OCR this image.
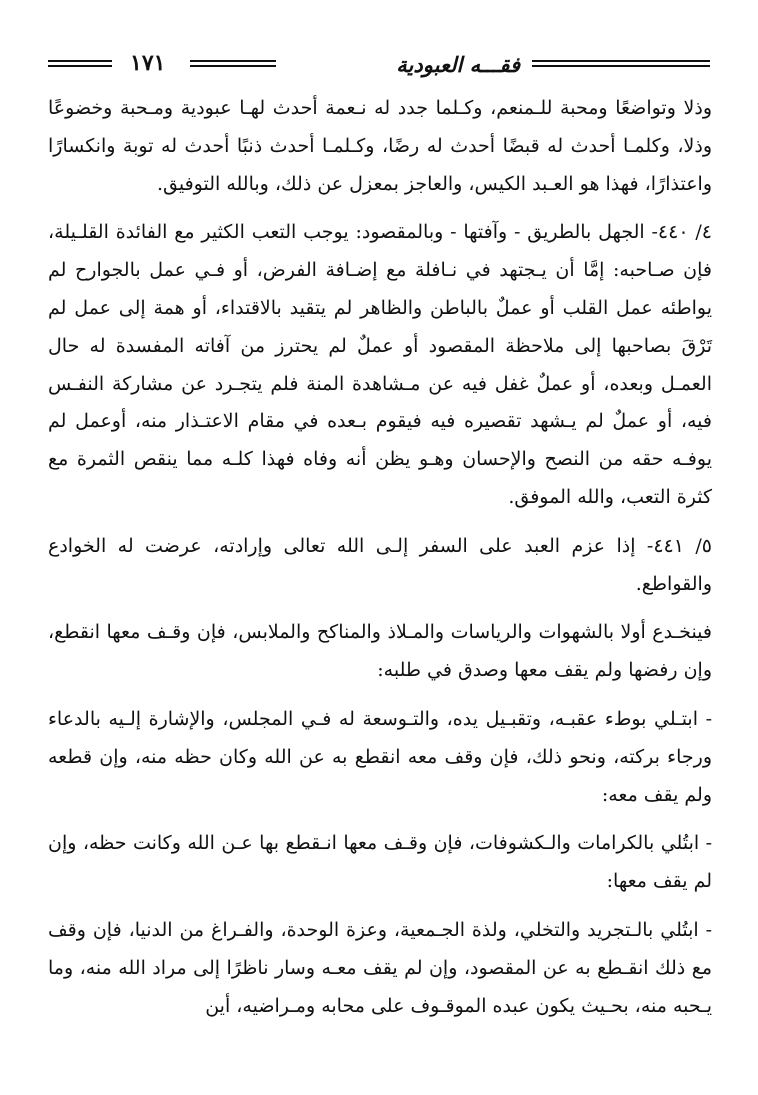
فقـــه العبودية
١٧١

وذلا وتواضعًا ومحبة للـمنعم، وكـلما جدد له نـعمة أحدث لهـا عبودية ومـحبة وخضوعًا وذلا، وكلمـا أحدث له قبضًا أحدث له رضًا، وكـلمـا أحدث ذنبًا أحدث له توبة وانكسارًا واعتذارًا، فهذا هو العـبد الكيس، والعاجز بمعزل عن ذلك، وبالله التوفيق.

٤/ ٤٤٠- الجهل بالطريق - وآفتها - وبالمقصود: يوجب التعب الكثير مع الفائدة القلـيلة، فإن صـاحبه: إمَّا أن يـجتهد في نـافلة مع إضـافة الفرض، أو فـي عمل بالجوارح لم يواطئه عمل القلب أو عملٌ بالباطن والظاهر لم يتقيد بالاقتداء، أو همة إلى عمل لم تَرْقَ بصاحبها إلى ملاحظة المقصود أو عملٌ لم يحترز من آفاته المفسدة له حال العمـل وبعده، أو عملٌ غفل فيه عن مـشاهدة المنة فلم يتجـرد عن مشاركة النفـس فيه، أو عملٌ لم يـشهد تقصيره فيه فيقوم بـعده في مقام الاعتـذار منه، أوعمل لم يوفـه حقه من النصح والإحسان وهـو يظن أنه وفاه فهذا كلـه مما ينقص الثمرة مع كثرة التعب، والله الموفق.

٥/ ٤٤١- إذا عزم العبد على السفر إلـى الله تعالى وإرادته، عرضت له الخوادع والقواطع.

فينخـدع أولا بالشهوات والرياسات والمـلاذ والمناكح والملابس، فإن وقـف معها انقطع، وإن رفضها ولم يقف معها وصدق في طلبه:

- ابتـلي بوطء عقبـه، وتقبـيل يده، والتـوسعة له فـي المجلس، والإشارة إلـيه بالدعاء ورجاء بركته، ونحو ذلك، فإن وقف معه انقطع به عن الله وكان حظه منه، وإن قطعه ولم يقف معه:

- ابتُلي بالكرامات والـكشوفات، فإن وقـف معها انـقطع بها عـن الله وكانت حظه، وإن لم يقف معها:

- ابتُلي بالـتجريد والتخلي، ولذة الجـمعية، وعزة الوحدة، والفـراغ من الدنيا، فإن وقف مع ذلك انقـطع به عن المقصود، وإن لم يقف معـه وسار ناظرًا إلى مراد الله منه، وما يـحبه منه، بحـيث يكون عبده الموقـوف على محابه ومـراضيه، أين
